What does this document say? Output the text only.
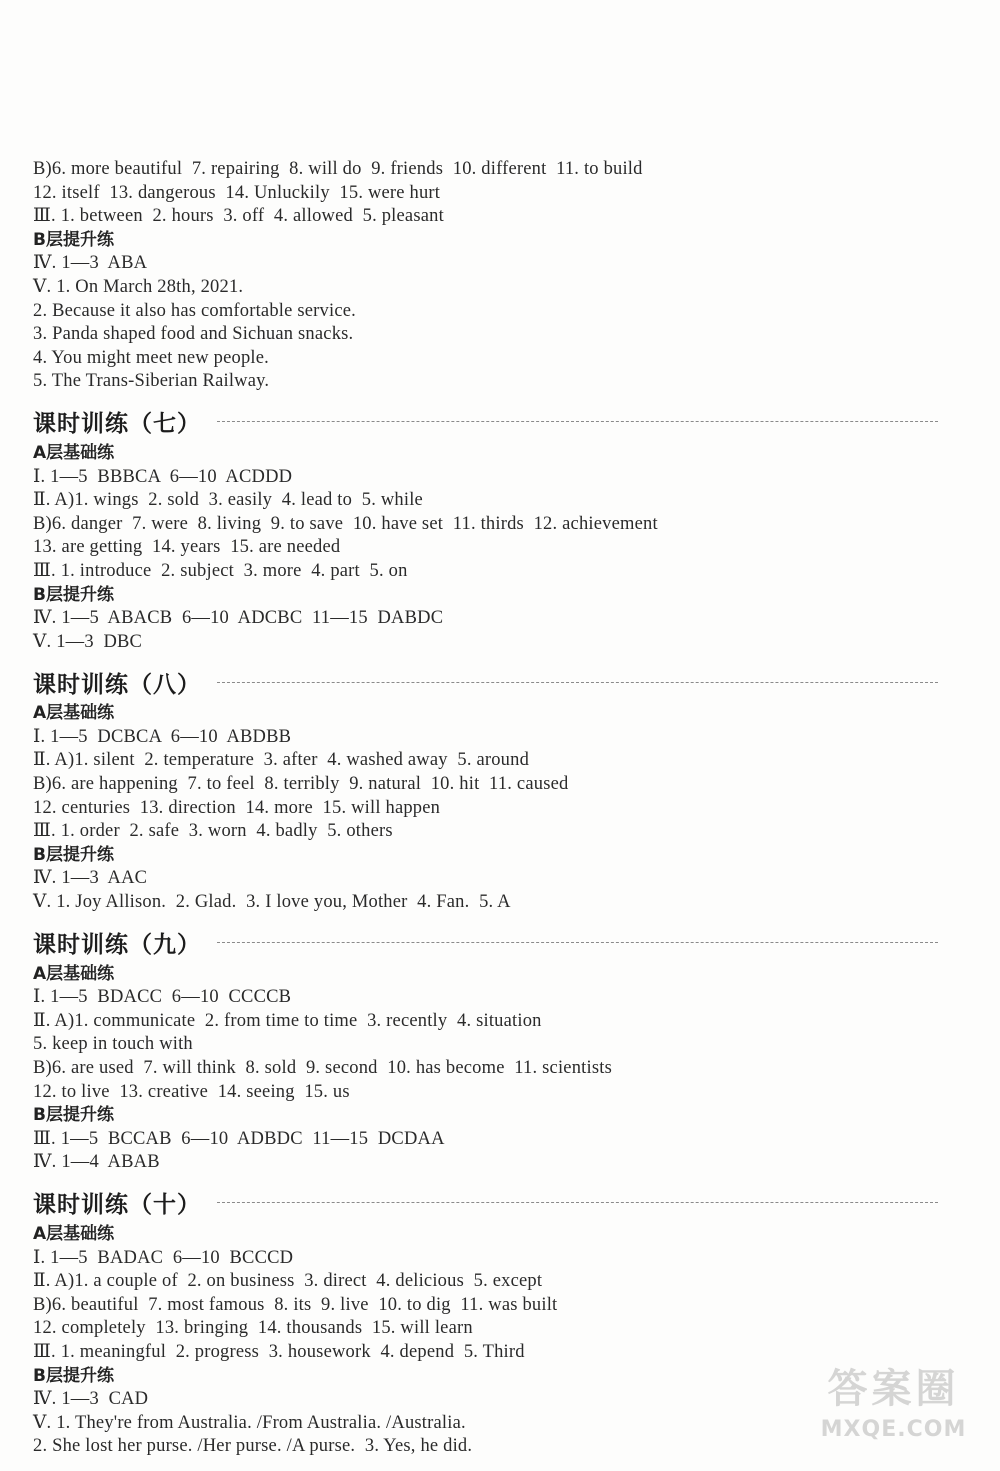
B)6. more beautiful  7. repairing  8. will do  9. friends  10. different  11. to build
12. itself  13. dangerous  14. Unluckily  15. were hurt
Ⅲ. 1. between  2. hours  3. off  4. allowed  5. pleasant
B层提升练
Ⅳ. 1—3  ABA
Ⅴ. 1. On March 28th, 2021.
2. Because it also has comfortable service.
3. Panda shaped food and Sichuan snacks.
4. You might meet new people.
5. The Trans-Siberian Railway.
课时训练（七）
A层基础练
Ⅰ. 1—5  BBBCA  6—10  ACDDD
Ⅱ. A)1. wings  2. sold  3. easily  4. lead to  5. while
B)6. danger  7. were  8. living  9. to save  10. have set  11. thirds  12. achievement
13. are getting  14. years  15. are needed
Ⅲ. 1. introduce  2. subject  3. more  4. part  5. on
B层提升练
Ⅳ. 1—5  ABACB  6—10  ADCBC  11—15  DABDC
Ⅴ. 1—3  DBC
课时训练（八）
A层基础练
Ⅰ. 1—5  DCBCA  6—10  ABDBB
Ⅱ. A)1. silent  2. temperature  3. after  4. washed away  5. around
B)6. are happening  7. to feel  8. terribly  9. natural  10. hit  11. caused
12. centuries  13. direction  14. more  15. will happen
Ⅲ. 1. order  2. safe  3. worn  4. badly  5. others
B层提升练
Ⅳ. 1—3  AAC
Ⅴ. 1. Joy Allison.  2. Glad.  3. I love you, Mother  4. Fan.  5. A
课时训练（九）
A层基础练
Ⅰ. 1—5  BDACC  6—10  CCCCB
Ⅱ. A)1. communicate  2. from time to time  3. recently  4. situation
5. keep in touch with
B)6. are used  7. will think  8. sold  9. second  10. has become  11. scientists
12. to live  13. creative  14. seeing  15. us
B层提升练
Ⅲ. 1—5  BCCAB  6—10  ADBDC  11—15  DCDAA
Ⅳ. 1—4  ABAB
课时训练（十）
A层基础练
Ⅰ. 1—5  BADAC  6—10  BCCCD
Ⅱ. A)1. a couple of  2. on business  3. direct  4. delicious  5. except
B)6. beautiful  7. most famous  8. its  9. live  10. to dig  11. was built
12. completely  13. bringing  14. thousands  15. will learn
Ⅲ. 1. meaningful  2. progress  3. housework  4. depend  5. Third
B层提升练
Ⅳ. 1—3  CAD
Ⅴ. 1. They're from Australia. /From Australia. /Australia.
2. She lost her purse. /Her purse. /A purse.  3. Yes, he did.
答案圈
MXQE.COM
